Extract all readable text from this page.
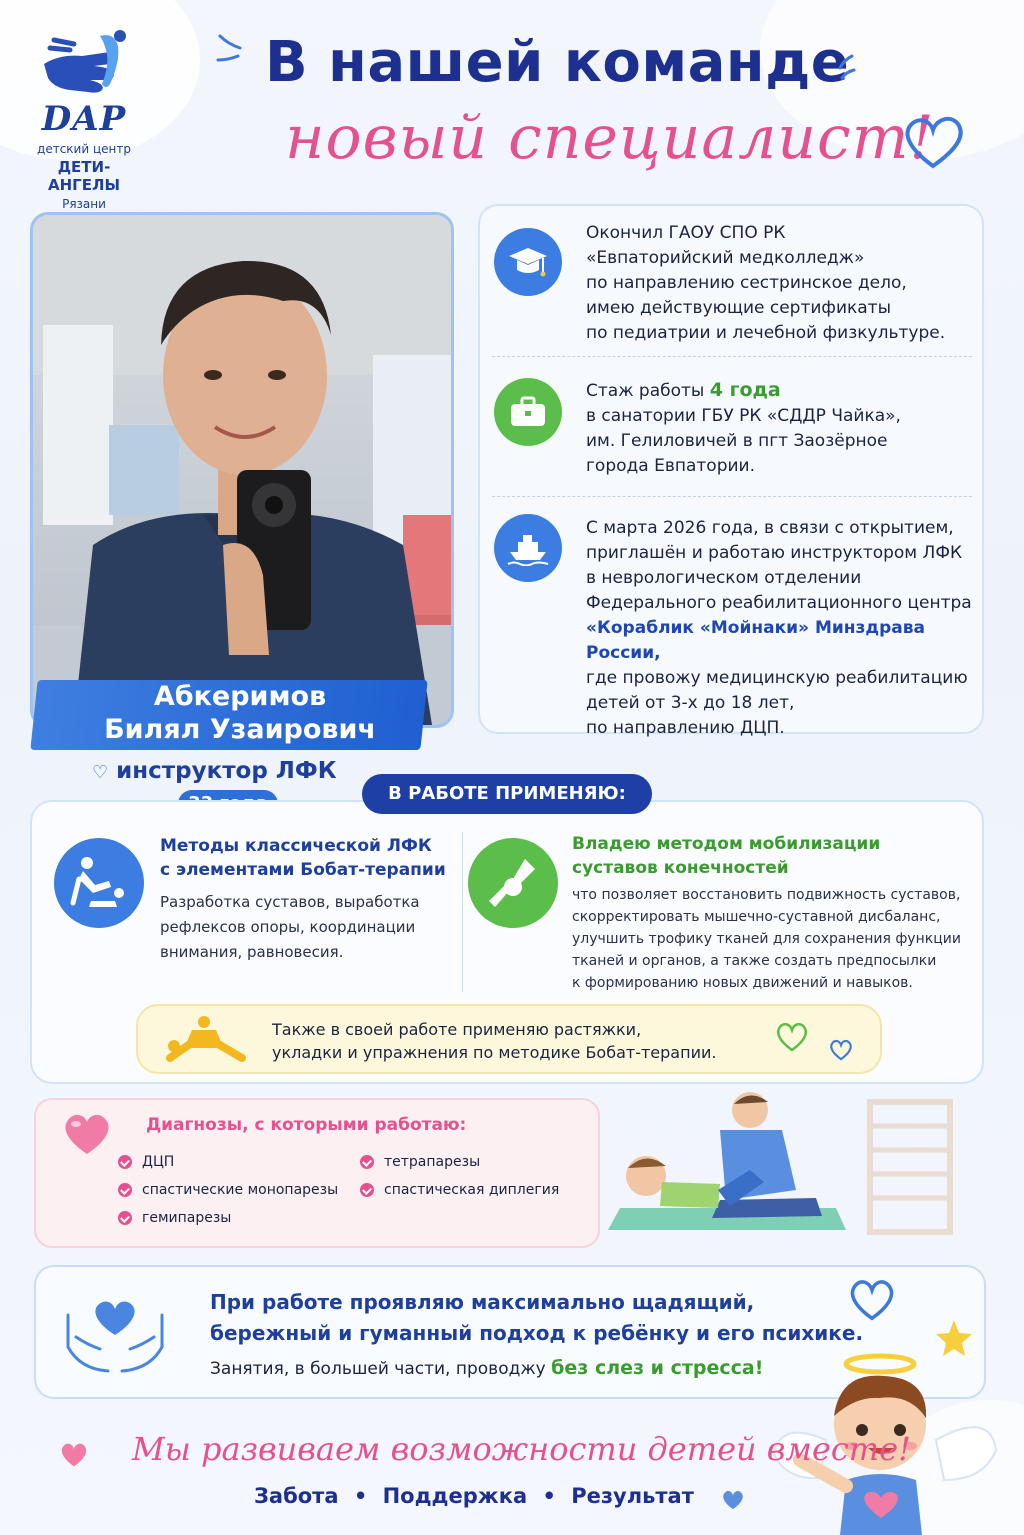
DAP
детский центр
ДЕТИ-АНГЕЛЫ
Рязани
В нашей команде
новый специалист!
Абкеримов
Билял Узаирович
♡ инструктор ЛФК
Окончил ГАОУ СПО РК
«Евпаторийский медколледж»
по направлению сестринское дело,
имею действующие сертификаты
по педиатрии и лечебной физкультуре.
Стаж работы 4 года
в санатории ГБУ РК «СДДР Чайка»,
им. Гелиловичей в пгт Заозёрное
города Евпатории.
С марта 2026 года, в связи с открытием,
приглашён и работаю инструктором ЛФК
в неврологическом отделении
Федерального реабилитационного центра
«Кораблик «Мойнаки» Минздрава России,
где провожу медицинскую реабилитацию
детей от 3-х до 18 лет,
по направлению ДЦП.
В РАБОТЕ ПРИМЕНЯЮ:
Методы классической ЛФК
с элементами Бобат-терапии
Разработка суставов, выработка
рефлексов опоры, координации
внимания, равновесия.
Владею методом мобилизации
суставов конечностей
что позволяет восстановить подвижность суставов,
скорректировать мышечно-суставной дисбаланс,
улучшить трофику тканей для сохранения функции
тканей и органов, а также создать предпосылки
к формированию новых движений и навыков.
Также в своей работе применяю растяжки,
укладки и упражнения по методике Бобат-терапии.
Диагнозы, с которыми работаю:
ДЦП
спастические монопарезы
гемипарезы
тетрапарезы
спастическая диплегия
При работе проявляю максимально щадящий,
бережный и гуманный подход к ребёнку и его психике.
Занятия, в большей части, проводжу без слез и стресса!
Мы развиваем возможности детей вместе!
Забота • Поддержка • Результат
